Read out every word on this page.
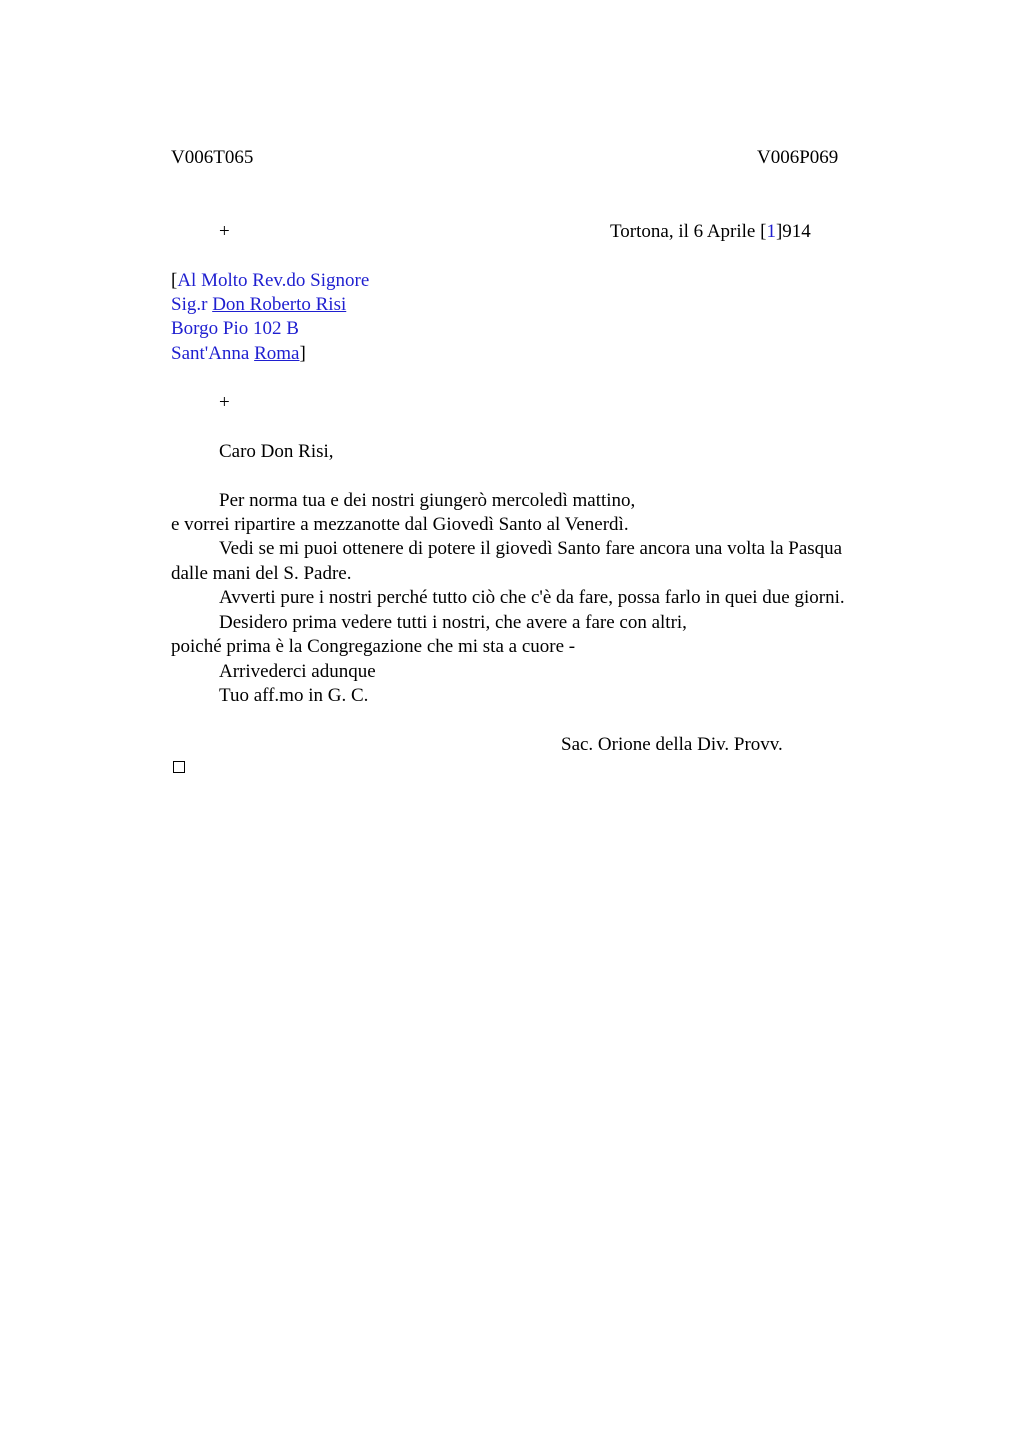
V006T065	V006P069
+	Tortona, il 6 Aprile [1]914
[Al Molto Rev.do Signore
Sig.r Don Roberto Risi
Borgo Pio 102 B
Sant'Anna Roma]
+
Caro Don Risi,
Per norma tua e dei nostri giungerò mercoledì mattino,
e vorrei ripartire a mezzanotte dal Giovedì Santo al Venerdì.
Vedi se mi puoi ottenere di potere il giovedì Santo fare ancora una volta la Pasqua
dalle mani del S. Padre.
Avverti pure i nostri perché tutto ciò che c'è da fare, possa farlo in quei due giorni.
Desidero prima vedere tutti i nostri, che avere a fare con altri,
poiché prima è la Congregazione che mi sta a cuore -
Arrivederci adunque
Tuo aff.mo in G. C.
Sac. Orione della Div. Provv.
